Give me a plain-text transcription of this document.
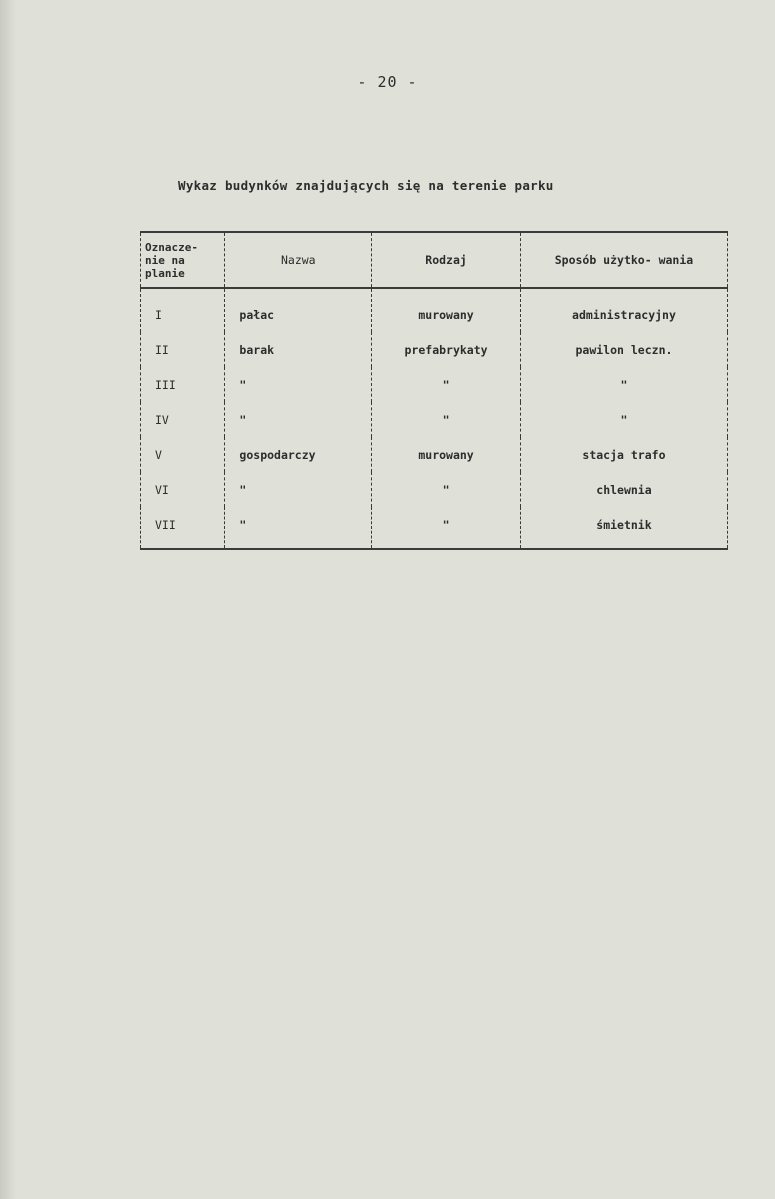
- 20 -
Wykaz budynków znajdujących się na terenie parku
Oznacze- nie na planie	Nazwa	Rodzaj	Sposób użytko- wania
I	pałac	murowany	administracyjny
II	barak	prefabrykaty	pawilon leczn.
III	"	"	"
IV	"	"	"
V	gospodarczy	murowany	stacja trafo
VI	"	"	chlewnia
VII	"	"	śmietnik
